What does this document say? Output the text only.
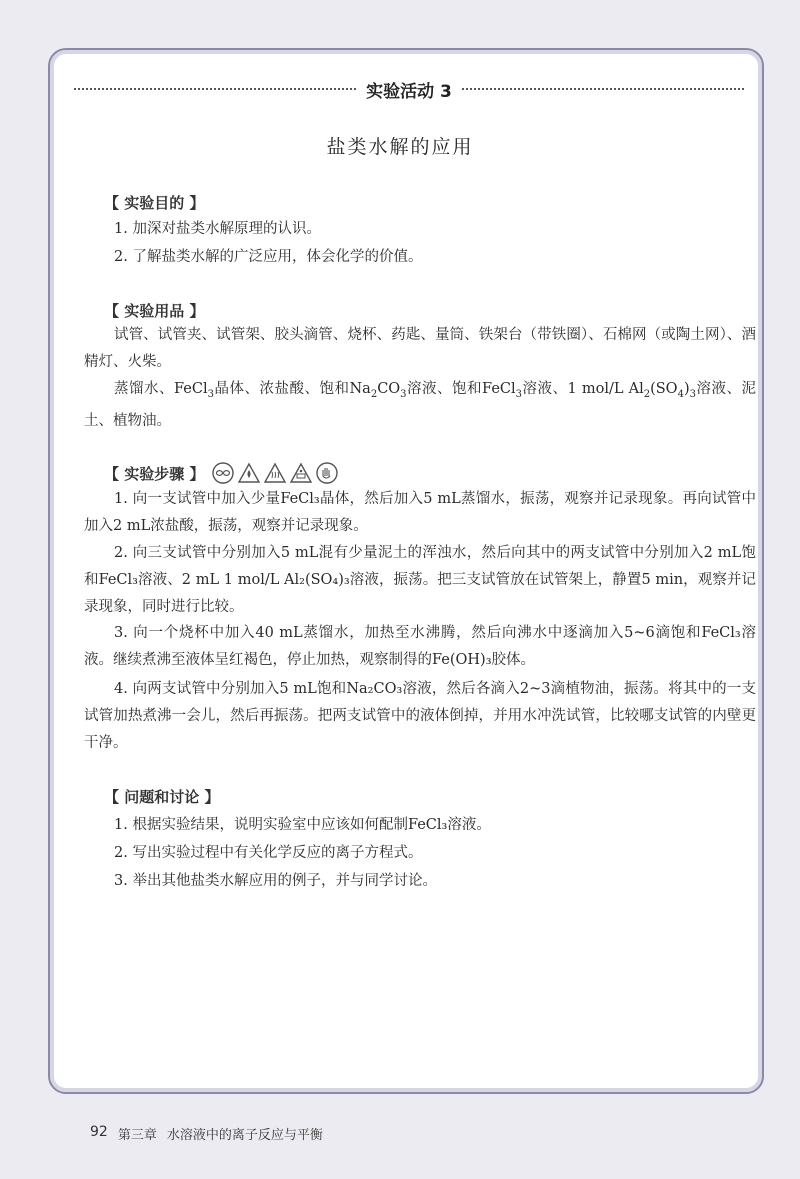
实验活动 3
盐类水解的应用
【 实验目的 】
1. 加深对盐类水解原理的认识。
2. 了解盐类水解的广泛应用，体会化学的价值。
【 实验用品 】
试管、试管夹、试管架、胶头滴管、烧杯、药匙、量筒、铁架台（带铁圈）、石棉网（或陶土网）、酒精灯、火柴。
蒸馏水、FeCl$_3$晶体、浓盐酸、饱和$Na_2CO_3$溶液、饱和FeCl$_3$溶液、1 mol/L $Al_2(SO_4)_3$溶液、泥土、植物油。
【 实验步骤 】
1. 向一支试管中加入少量FeCl₃晶体，然后加入5 mL蒸馏水，振荡，观察并记录现象。再向试管中加入2 mL浓盐酸，振荡，观察并记录现象。
2. 向三支试管中分别加入5 mL混有少量泥土的浑浊水，然后向其中的两支试管中分别加入2 mL饱和FeCl₃溶液、2 mL 1 mol/L Al₂(SO₄)₃溶液，振荡。把三支试管放在试管架上，静置5 min，观察并记录现象，同时进行比较。
3. 向一个烧杯中加入40 mL蒸馏水，加热至水沸腾，然后向沸水中逐滴加入5~6滴饱和FeCl₃溶液。继续煮沸至液体呈红褐色，停止加热，观察制得的Fe(OH)₃胶体。
4. 向两支试管中分别加入5 mL饱和Na₂CO₃溶液，然后各滴入2~3滴植物油，振荡。将其中的一支试管加热煮沸一会儿，然后再振荡。把两支试管中的液体倒掉，并用水冲洗试管，比较哪支试管的内壁更干净。
【 问题和讨论 】
1. 根据实验结果，说明实验室中应该如何配制FeCl₃溶液。
2. 写出实验过程中有关化学反应的离子方程式。
3. 举出其他盐类水解应用的例子，并与同学讨论。
92 第三章 水溶液中的离子反应与平衡
